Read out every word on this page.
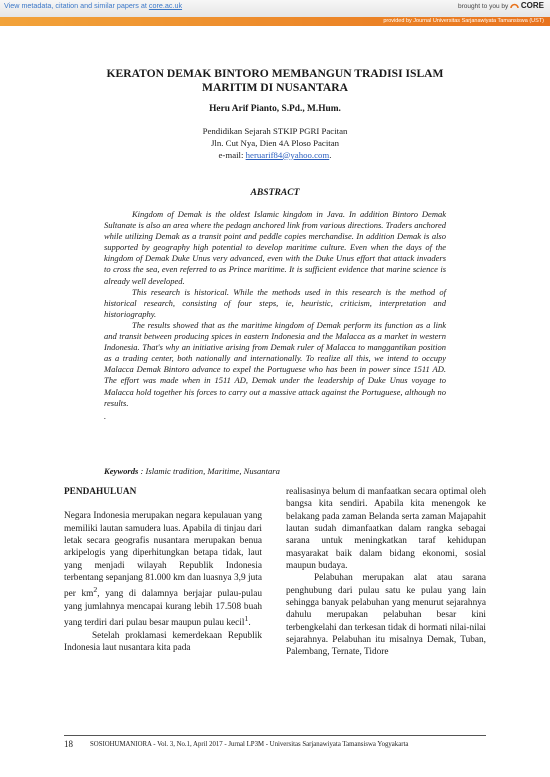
View metadata, citation and similar papers at core.ac.uk	brought to you by CORE
provided by Journal Universitas Sarjanawiyata Tamansiswa (UST)
KERATON DEMAK BINTORO MEMBANGUN TRADISI ISLAM
MARITIM DI NUSANTARA
Heru Arif Pianto, S.Pd., M.Hum.
Pendidikan Sejarah STKIP PGRI Pacitan
Jln. Cut Nya, Dien 4A Ploso Pacitan
e-mail: heruarif84@yahoo.com.
ABSTRACT

Kingdom of Demak is the oldest Islamic kingdom in Java. In addition Bintoro Demak Sultanate is also an area where the pedagn anchored link from various directions. Traders anchored while utilizing Demak as a transit point and peddle copies merchandise. In addition Demak is also supported by geography high potential to develop maritime culture. Even when the days of the kingdom of Demak Duke Unus very advanced, even with the Duke Unus effort that attack invaders to cross the sea, even referred to as Prince maritime. It is sufficient evidence that marine science is already well developed.

This research is historical. While the methods used in this research is the method of historical research, consisting of four steps, ie, heuristic, criticism, interpretation and historiography.

The results showed that as the maritime kingdom of Demak perform its function as a link and transit between producing spices in eastern Indonesia and the Malacca as a market in western Indonesia. That's why an initiative arising from Demak ruler of Malacca to manggantikan position as a trading center, both nationally and internationally. To realize all this, we intend to occupy Malacca Demak Bintoro advance to expel the Portuguese who has been in power since 1511 AD. The effort was made when in 1511 AD, Demak under the leadership of Duke Unus voyage to Malacca hold together his forces to carry out a massive attack against the Portuguese, although no results.

.

Keywords : Islamic tradition, Maritime, Nusantara

PENDAHULUAN

Negara Indonesia merupakan negara kepulauan yang memiliki lautan samudera luas. Apabila di tinjau dari letak secara geografis nusantara merupakan benua arkipelogis yang diperhitungkan betapa tidak, laut yang menjadi wilayah Republik Indonesia terbentang sepanjang 81.000 km dan luasnya 3,9 juta per $km^2$, yang di dalamnya berjajar pulau-pulau yang jumlahnya mencapai kurang lebih 17.508 buah yang terdiri dari pulau besar maupun pulau kecil$^1$.

Setelah proklamasi kemerdekaan Republik Indonesia laut nusantara kita pada

realisasinya belum di manfaatkan secara optimal oleh bangsa kita sendiri. Apabila kita menengok ke belakang pada zaman Belanda serta zaman Majapahit lautan sudah dimanfaatkan dalam rangka sebagai sarana untuk meningkatkan taraf kehidupan masyarakat baik dalam bidang ekonomi, sosial maupun budaya.

Pelabuhan merupakan alat atau sarana penghubung dari pulau satu ke pulau yang lain sehingga banyak pelabuhan yang menurut sejarahnya dahulu merupakan pelabuhan besar kini terbengkelahi dan terkesan tidak di hormati nilai-nilai sejarahnya. Pelabuhan itu misalnya Demak, Tuban, Palembang, Ternate, Tidore

18	SOSIOHUMANIORA - Vol. 3, No.1, April 2017 - Jurnal LP3M - Universitas Sarjanawiyata Tamansiswa Yogyakarta
